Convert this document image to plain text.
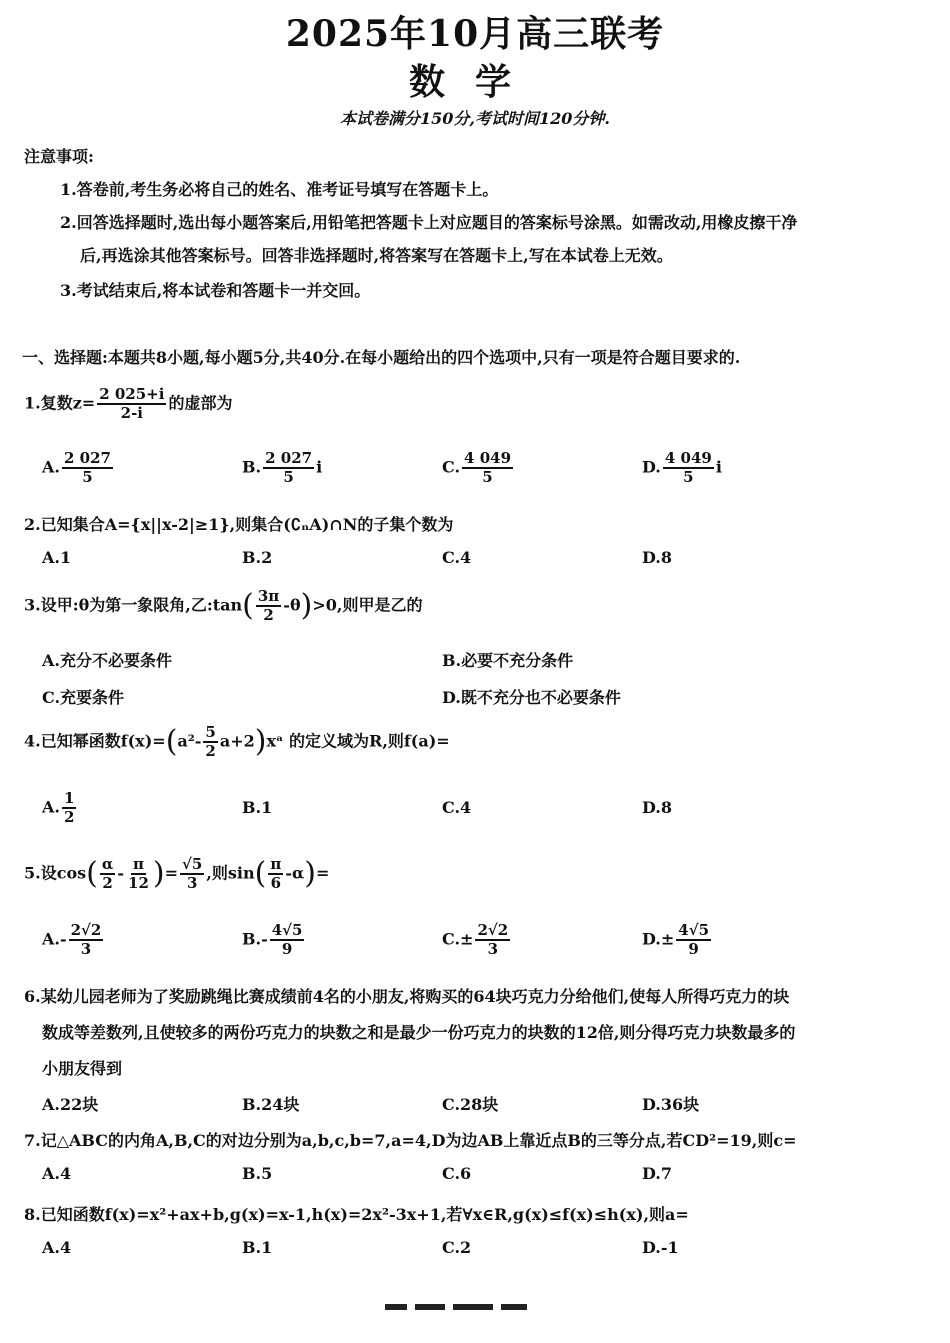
2025年10月高三联考
数学
本试卷满分150分,考试时间120分钟.
注意事项:
1.答卷前,考生务必将自己的姓名、准考证号填写在答题卡上。
2.回答选择题时,选出每小题答案后,用铅笔把答题卡上对应题目的答案标号涂黑。如需改动,用橡皮擦干净
后,再选涂其他答案标号。回答非选择题时,将答案写在答题卡上,写在本试卷上无效。
3.考试结束后,将本试卷和答题卡一并交回。
一、选择题:本题共8小题,每小题5分,共40分.在每小题给出的四个选项中,只有一项是符合题目要求的.
1.复数$z= \frac{2 025+i}{2-i}$ 的虚部为
A. $\frac{2 027}{5}$	B. $\frac{2 027}{5}$ i	C. $\frac{4 049}{5}$	D. $\frac{4 049}{5}$ i
2.已知集合A={x||x-2|≥1},则集合(∁ₙA)∩N的子集个数为
A.1	B.2	C.4	D.8
3.设甲:θ为第一象限角,乙:tan( $\frac{3\pi}{2} -\theta)>0$,则甲是乙的
A.充分不必要条件	B.必要不充分条件
C.充要条件	D.既不充分也不必要条件
4.已知幂函数$f(x)=(a^2- \frac{5}{2}$ a+2)xᵃ 的定义域为R,则f(a)=
A. $\frac{1}{2}$	B.1	C.4	D.8
5.设$\cos( \frac{\alpha}{2} - \frac{\pi}{12}$ )= $\frac{√5}{3}$ ,则$\sin( \frac{\pi}{6} -\alpha)=$
$A.- \frac{2√2}{3}$	$B.- \frac{4√5}{9}$	$C.\pm \frac{2√2}{3}$	$D.\pm \frac{4√5}{9}$
6.某幼儿园老师为了奖励跳绳比赛成绩前4名的小朋友,将购买的64块巧克力分给他们,使每人所得巧克力的块
数成等差数列,且使较多的两份巧克力的块数之和是最少一份巧克力的块数的12倍,则分得巧克力块数最多的
小朋友得到
A.22块	B.24块	C.28块	D.36块
7.记△ABC的内角A,B,C的对边分别为a,b,c,b=7,a=4,D为边AB上靠近点B的三等分点,若CD²=19,则c=
A.4	B.5	C.6	D.7
8.已知函数f(x)=x²+ax+b,g(x)=x-1,h(x)=2x²-3x+1,若∀x∈R,g(x)≤f(x)≤h(x),则a=
A.4	B.1	C.2	D.-1
